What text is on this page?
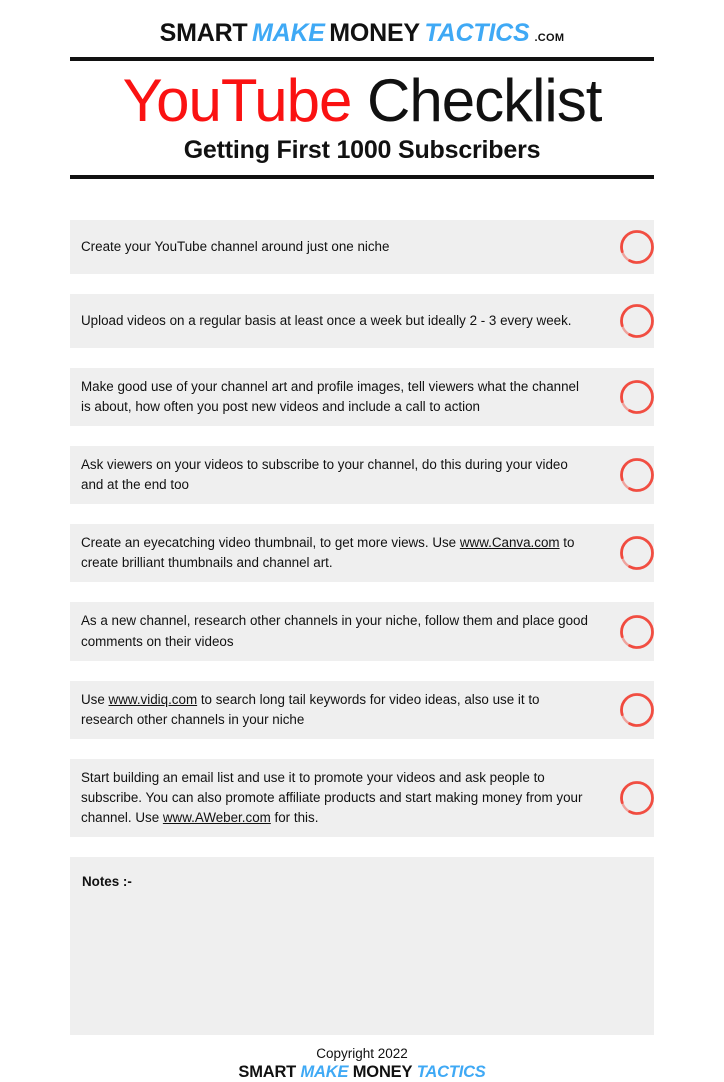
SMART MAKE MONEY TACTICS .COM
YouTube Checklist

Getting First 1000 Subscribers

Create your YouTube channel around just one niche
Upload videos on a regular basis at least once a week but ideally 2 - 3 every week.
Make good use of your channel art and profile images, tell viewers what the channel is about, how often you post new videos and include a call to action
Ask viewers on your videos to subscribe to your channel, do this during your video and at the end too
Create an eyecatching video thumbnail, to get more views. Use www.Canva.com to create brilliant thumbnails and channel art.
As a new channel, research other channels in your niche, follow them and place good comments on their videos
Use www.vidiq.com to search long tail keywords for video ideas, also use it to research other channels in your niche
Start building an email list and use it to promote your videos and ask people to subscribe. You can also promote affiliate products and start making money from your channel. Use www.AWeber.com for this.
Notes :-
Copyright 2022
SMART MAKE MONEY TACTICS
